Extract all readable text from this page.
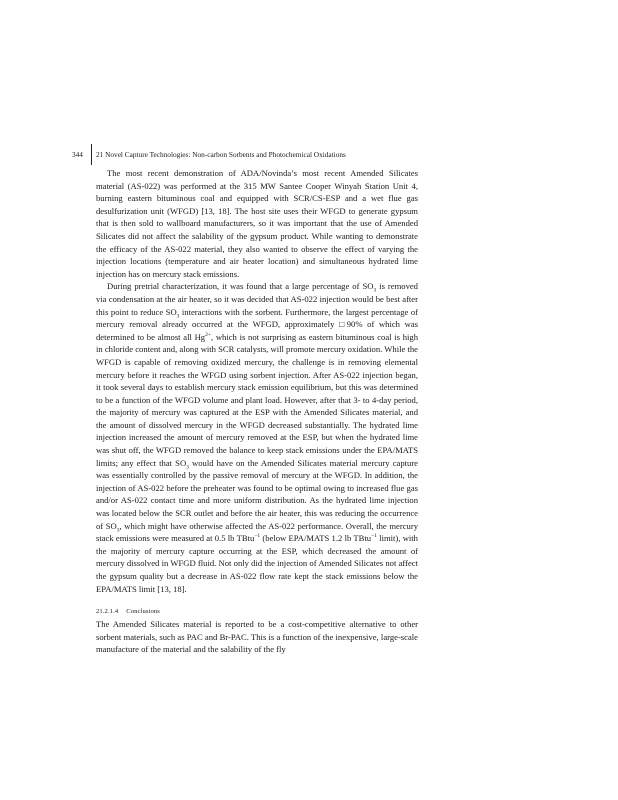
344 21 Novel Capture Technologies: Non-carbon Sorbents and Photochemical Oxidations

The most recent demonstration of ADA/Novinda’s most recent Amended Silicates material (AS-022) was performed at the 315 MW Santee Cooper Winyah Station Unit 4, burning eastern bituminous coal and equipped with SCR/CS-ESP and a wet flue gas desulfurization unit (WFGD) [13, 18]. The host site uses their WFGD to generate gypsum that is then sold to wallboard manufacturers, so it was important that the use of Amended Silicates did not affect the salability of the gypsum product. While wanting to demonstrate the efficacy of the AS-022 material, they also wanted to observe the effect of varying the injection locations (temperature and air heater location) and simultaneous hydrated lime injection has on mercury stack emissions.

During pretrial characterization, it was found that a large percentage of $SO_3$ is removed via condensation at the air heater, so it was decided that AS-022 injection would be best after this point to reduce $SO_3$ interactions with the sorbent. Furthermore, the largest percentage of mercury removal already occurred at the WFGD, approximately □90% of which was determined to be almost all $Hg^{2+}$, which is not surprising as eastern bituminous coal is high in chloride content and, along with SCR catalysts, will promote mercury oxidation. While the WFGD is capable of removing oxidized mercury, the challenge is in removing elemental mercury before it reaches the WFGD using sorbent injection. After AS-022 injection began, it took several days to establish mercury stack emission equilibrium, but this was determined to be a function of the WFGD volume and plant load. However, after that 3- to 4-day period, the majority of mercury was captured at the ESP with the Amended Silicates material, and the amount of dissolved mercury in the WFGD decreased substantially. The hydrated lime injection increased the amount of mercury removed at the ESP, but when the hydrated lime was shut off, the WFGD removed the balance to keep stack emissions under the EPA/MATS limits; any effect that $SO_3$ would have on the Amended Silicates material mercury capture was essentially controlled by the passive removal of mercury at the WFGD. In addition, the injection of AS-022 before the preheater was found to be optimal owing to increased flue gas and/or AS-022 contact time and more uniform distribution. As the hydrated lime injection was located below the SCR outlet and before the air heater, this was reducing the occurrence of $SO_3$, which might have otherwise affected the AS-022 performance. Overall, the mercury stack emissions were measured at 0.5 lb TBtu$^{-1}$ (below EPA/MATS 1.2 lb TBtu$^{-1}$ limit), with the majority of mercury capture occurring at the ESP, which decreased the amount of mercury dissolved in WFGD fluid. Not only did the injection of Amended Silicates not affect the gypsum quality but a decrease in AS-022 flow rate kept the stack emissions below the EPA/MATS limit [13, 18].

21.2.1.4 Conclusions

The Amended Silicates material is reported to be a cost-competitive alternative to other sorbent materials, such as PAC and Br-PAC. This is a function of the inexpensive, large-scale manufacture of the material and the salability of the fly
